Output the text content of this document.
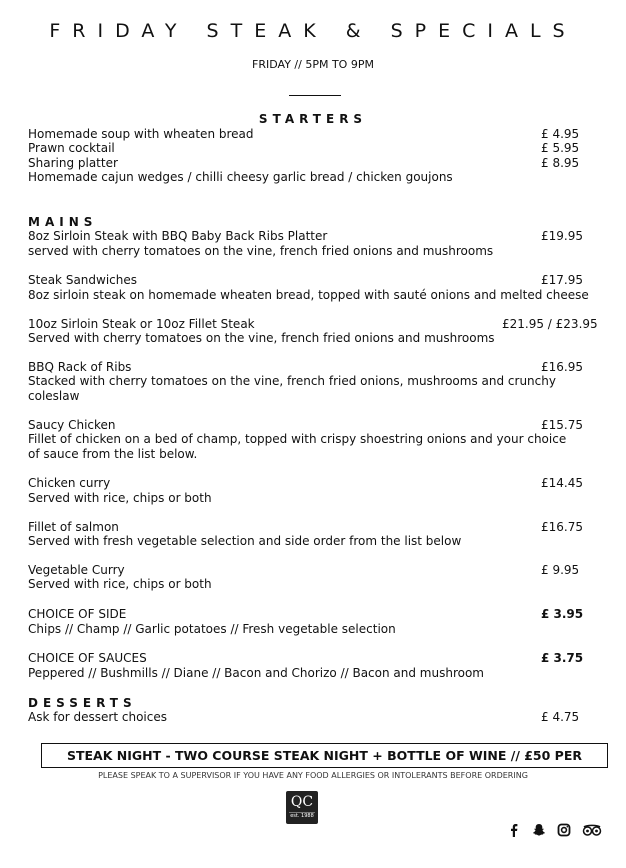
FRIDAY STEAK & SPECIALS
FRIDAY // 5PM TO 9PM
STARTERS
Homemade soup with wheaten bread	£ 4.95
Prawn cocktail	£ 5.95
Sharing platter	£ 8.95
Homemade cajun wedges / chilli cheesy garlic bread / chicken goujons
MAINS
8oz Sirloin Steak with BBQ Baby Back Ribs Platter	£19.95
served with cherry tomatoes on the vine, french fried onions and mushrooms
Steak Sandwiches	£17.95
8oz sirloin steak on homemade wheaten bread, topped with sauté onions and melted cheese
10oz Sirloin Steak or 10oz Fillet Steak	£21.95 / £23.95
Served with cherry tomatoes on the vine, french fried onions and mushrooms
BBQ Rack of Ribs	£16.95
Stacked with cherry tomatoes on the vine, french fried onions, mushrooms and crunchy coleslaw
Saucy Chicken	£15.75
Fillet of chicken on a bed of champ, topped with crispy shoestring onions and your choice of sauce from the list below.
Chicken curry	£14.45
Served with rice, chips or both
Fillet of salmon	£16.75
Served with fresh vegetable selection and side order from the list below
Vegetable Curry	£ 9.95
Served with rice, chips or both
CHOICE OF SIDE	£ 3.95
Chips // Champ // Garlic potatoes // Fresh vegetable selection
CHOICE OF SAUCES	£ 3.75
Peppered // Bushmills // Diane // Bacon and Chorizo // Bacon and mushroom
DESSERTS
Ask for dessert choices	£ 4.75
STEAK NIGHT - TWO COURSE STEAK NIGHT + BOTTLE OF WINE // £50 PER
PLEASE SPEAK TO A SUPERVISOR IF YOU HAVE ANY FOOD ALLERGIES OR INTOLERANTS BEFORE ORDERING
QC
est. 1988
